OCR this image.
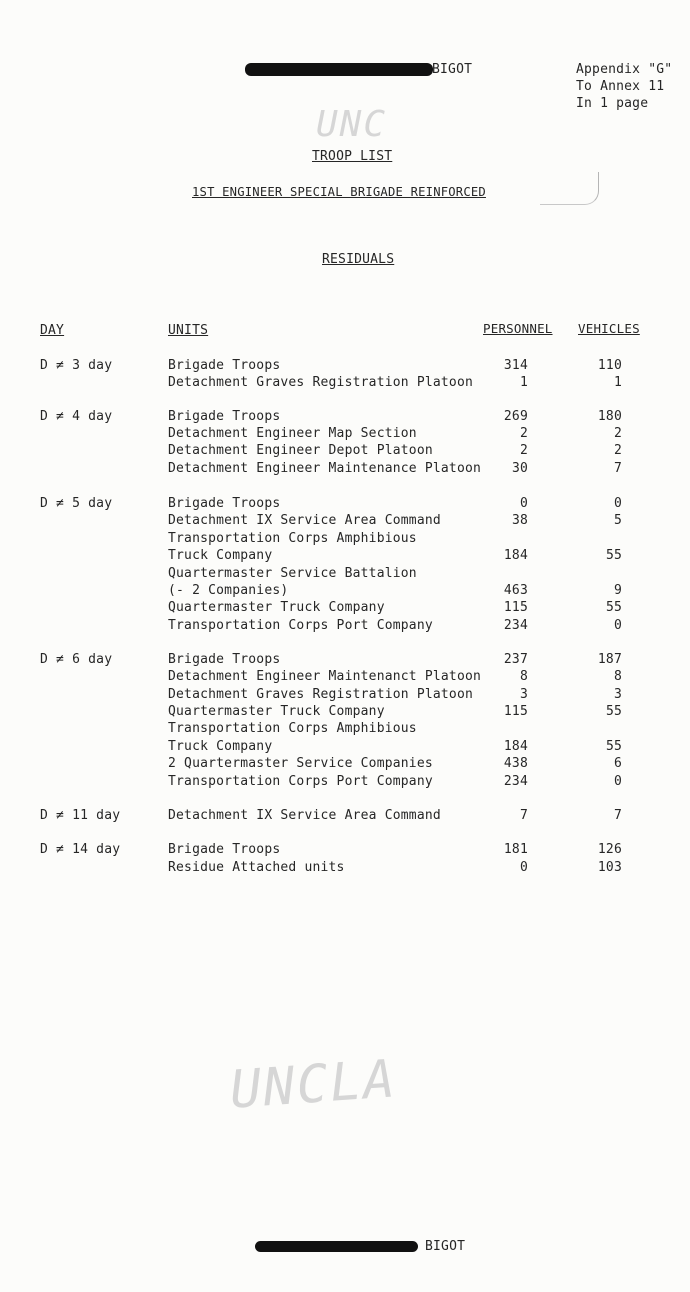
BIGOT	Appendix "G"
To Annex 11
In 1 page
UNC
TROOP LIST
1ST ENGINEER SPECIAL BRIGADE REINFORCED
RESIDUALS
DAY	UNITS	PERSONNEL VEHICLES
D ≠ 3 day	Brigade Troops	314	110
Detachment Graves Registration Platoon	1	1
D ≠ 4 day	Brigade Troops	269	180
Detachment Engineer Map Section	2	2
Detachment Engineer Depot Platoon	2	2
Detachment Engineer Maintenance Platoon	30	7
D ≠ 5 day	Brigade Troops	0	0
Detachment IX Service Area Command	38	5
Transportation Corps Amphibious
Truck Company	184	55
Quartermaster Service Battalion
(- 2 Companies)	463	9
Quartermaster Truck Company	115	55
Transportation Corps Port Company	234	0
D ≠ 6 day	Brigade Troops	237	187
Detachment Engineer Maintenanct Platoon	8	8
Detachment Graves Registration Platoon	3	3
Quartermaster Truck Company	115	55
Transportation Corps Amphibious
Truck Company	184	55
2 Quartermaster Service Companies	438	6
Transportation Corps Port Company	234	0
D ≠ 11 day	Detachment IX Service Area Command	7	7
D ≠ 14 day	Brigade Troops	181	126
Residue Attached units	0	103
UNCLA
BIGOT
